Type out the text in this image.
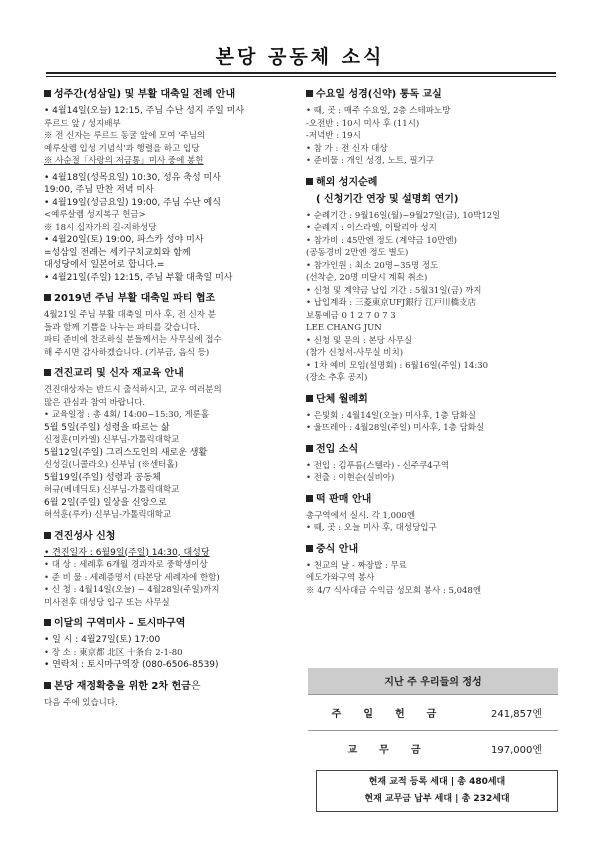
본당 공동체 소식
성주간(성삼일) 및 부활 대축일 전례 안내
• 4월14일(오늘) 12:15, 주님 수난 성지 주일 미사
루르드 앞 / 성지배부
※ 전 신자는 루르드 동굴 앞에 모여 '주님의
예루살렘 입성 기념식'과 행렬을 하고 입당
※ 사순절「사랑의 저금통」미사 중에 봉헌
• 4월18일(성목요일) 10:30, 성유 축성 미사
19:00, 주님 만찬 저녁 미사
• 4월19일(성금요일) 19:00, 주님 수난 예식
<예루살렘 성지복구 헌금>
※ 18시 십자가의 길-지하성당
• 4월20일(토) 19:00, 파스카 성야 미사
=성삼일 전례는 세키구치교회와 함께
대성당에서 일본어로 합니다.=
• 4월21일(주일) 12:15, 주님 부활 대축일 미사
2019년 주님 부활 대축일 파티 협조
4월21일 주님 부활 대축일 미사 후, 전 신자 분
들과 함께 기쁨을 나누는 파티를 갖습니다.
파티 준비에 찬조하실 분들께서는 사무실에 접수
해 주시면 감사하겠습니다. (기부금, 음식 등)
견진교리 및 신자 재교육 안내
견진대상자는 반드시 출석하시고, 교우 여러분의
많은 관심과 참여 바랍니다.
• 교육일정 : 총 4회/ 14:00~15:30, 게룬홀
5월 5일(주일) 성령을 따르는 삶
신정훈(미카엘) 신부님-가톨릭대학교
5월12일(주일) 그리스도인의 새로운 생활
신성길(니콜라오) 신부님 (※센터홀)
5월19일(주일) 성령과 공동체
허규(베네딕토) 신부님-가톨릭대학교
6월 2일(주일) 일상을 신앙으로
허석훈(루카) 신부님-가톨릭대학교
견진성사 신청
• 견진일자 : 6월9일(주일) 14:30, 대성당
• 대 상 : 세례후 6개월 경과자로 중학생이상
• 준 비 물 : 세례증명서 (타본당 세례자에 한함)
• 신 청 : 4월14일(오늘) ~ 4월28일(주일)까지
미사전후 대성당 입구 또는 사무실
이달의 구역미사 – 토시마구역
• 일 시 : 4월27일(토) 17:00
• 장 소 : 東京都 北区 十条台 2-1-80
• 연락처 : 토시마구역장 (080-6506-8539)
본당 재정확충을 위한 2차 헌금은
다음 주에 있습니다.
수요일 성경(신약) 통독 교실
• 때, 곳 : 매주 수요일, 2층 스테파노방
-오전반 : 10시 미사 후 (11시)
-저녁반 : 19시
• 참 가 : 전 신자 대상
• 준비물 : 개인 성경, 노트, 필기구
해외 성지순례
( 신청기간 연장 및 설명회 연기)
• 순례기간 : 9월16일(월)~9월27일(금), 10박12일
• 순례지 : 이스라엘, 이탈리아 성지
• 참가비 : 45만엔 정도 (계약금 10만엔)
(공동경비 2만엔 정도 별도)
• 참가인원 : 최소 20명~35명 정도
(선착순, 20명 미달시 계획 취소)
• 신청 및 계약금 납입 기간 : 5월31일(금) 까지
• 납입계좌 : 三菱東京UFJ銀行 江戸川橋支店
보통예금 0 1 2 7 0 7 3
LEE CHANG JUN
• 신청 및 문의 : 본당 사무실
(참가 신청서-사무실 비치)
• 1차 예비 모임(설명회) : 6월16일(주일) 14:30
(장소 추후 공지)
단체 월례회
• 은빛회 : 4월14일(오늘) 미사후, 1층 담화실
• 울뜨레아 : 4월28일(주일) 미사후, 1층 담화실
전입 소식
• 전입 : 김푸름(스텔라) - 신주쿠4구역
• 전출 : 이현순(실비아)
떡 판매 안내
총구역에서 실시. 각 1,000엔
• 때, 곳 : 오늘 미사 후, 대성당입구
중식 안내
• 천교의 날 - 짜장밥 : 무료
에도가와구역 봉사
※ 4/7 식사대금 수익금 성모회 봉사 : 5,048엔
지난 주 우리들의 정성	
주일헌금	241,857엔
교무금	197,000엔
현재 교적 등록 세대 | 총 480세대
현재 교무금 납부 세대 | 총 232세대
